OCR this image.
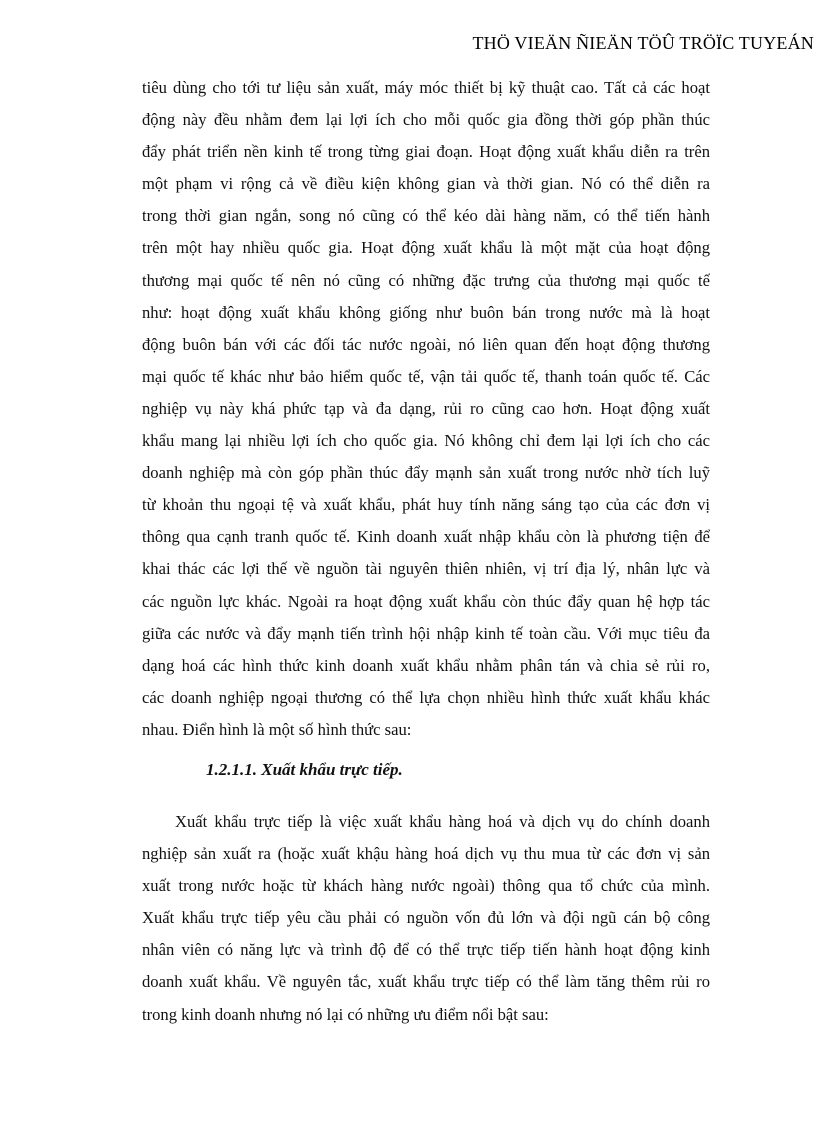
THÖ VIEÄN ÑIEÄN TÖÛ TRÖÏC TUYEÁN
tiêu dùng cho tới tư liệu sản xuất, máy móc thiết bị kỹ thuật cao. Tất cả các hoạt
động này đều nhằm đem lại lợi ích cho mỗi quốc gia đồng thời góp phần thúc
đẩy phát triển nền kinh tế trong từng giai đoạn. Hoạt động xuất khẩu diễn ra trên
một phạm vi rộng cả về điều kiện không gian và thời gian. Nó có thể diễn ra
trong thời gian ngắn, song nó cũng có thể kéo dài hàng năm, có thể tiến hành
trên một hay nhiều quốc gia. Hoạt động xuất khẩu là một mặt của hoạt động
thương mại quốc tế nên nó cũng có những đặc trưng của thương mại quốc tế
như: hoạt động xuất khẩu không giống như buôn bán trong nước mà là hoạt
động buôn bán với các đối tác nước ngoài, nó liên quan đến hoạt động thương
mại quốc tế khác như bảo hiểm quốc tế, vận tải quốc tế, thanh toán quốc tế. Các
nghiệp vụ này khá phức tạp và đa dạng, rủi ro cũng cao hơn. Hoạt động xuất
khẩu mang lại nhiều lợi ích cho quốc gia. Nó không chỉ đem lại lợi ích cho các
doanh nghiệp mà còn góp phần thúc đẩy mạnh sản xuất trong nước nhờ tích luỹ
từ khoản thu ngoại tệ và xuất khẩu, phát huy tính năng sáng tạo của các đơn vị
thông qua cạnh tranh quốc tế. Kinh doanh xuất nhập khẩu còn là phương tiện để
khai thác các lợi thế về nguồn tài nguyên thiên nhiên, vị trí địa lý, nhân lực và
các nguồn lực khác. Ngoài ra hoạt động xuất khẩu còn thúc đẩy quan hệ hợp tác
giữa các nước và đẩy mạnh tiến trình hội nhập kinh tế toàn cầu. Với mục tiêu đa
dạng hoá các hình thức kinh doanh xuất khẩu nhằm phân tán và chia sẻ rủi ro,
các doanh nghiệp ngoại thương có thể lựa chọn nhiều hình thức xuất khẩu khác
nhau. Điển hình là một số hình thức sau:
1.2.1.1. Xuất khẩu trực tiếp.
Xuất khẩu trực tiếp là việc xuất khẩu hàng hoá và dịch vụ do chính doanh
nghiệp sản xuất ra (hoặc xuất khậu hàng hoá dịch vụ thu mua từ các đơn vị sản
xuất trong nước hoặc từ khách hàng nước ngoài) thông qua tổ chức của mình.
Xuất khẩu trực tiếp yêu cầu phải có nguồn vốn đủ lớn và đội ngũ cán bộ công
nhân viên có năng lực và trình độ để có thể trực tiếp tiến hành hoạt động kinh
doanh xuất khẩu. Về nguyên tắc, xuất khẩu trực tiếp có thể làm tăng thêm rủi ro
trong kinh doanh nhưng nó lại có những ưu điểm nổi bật sau:
